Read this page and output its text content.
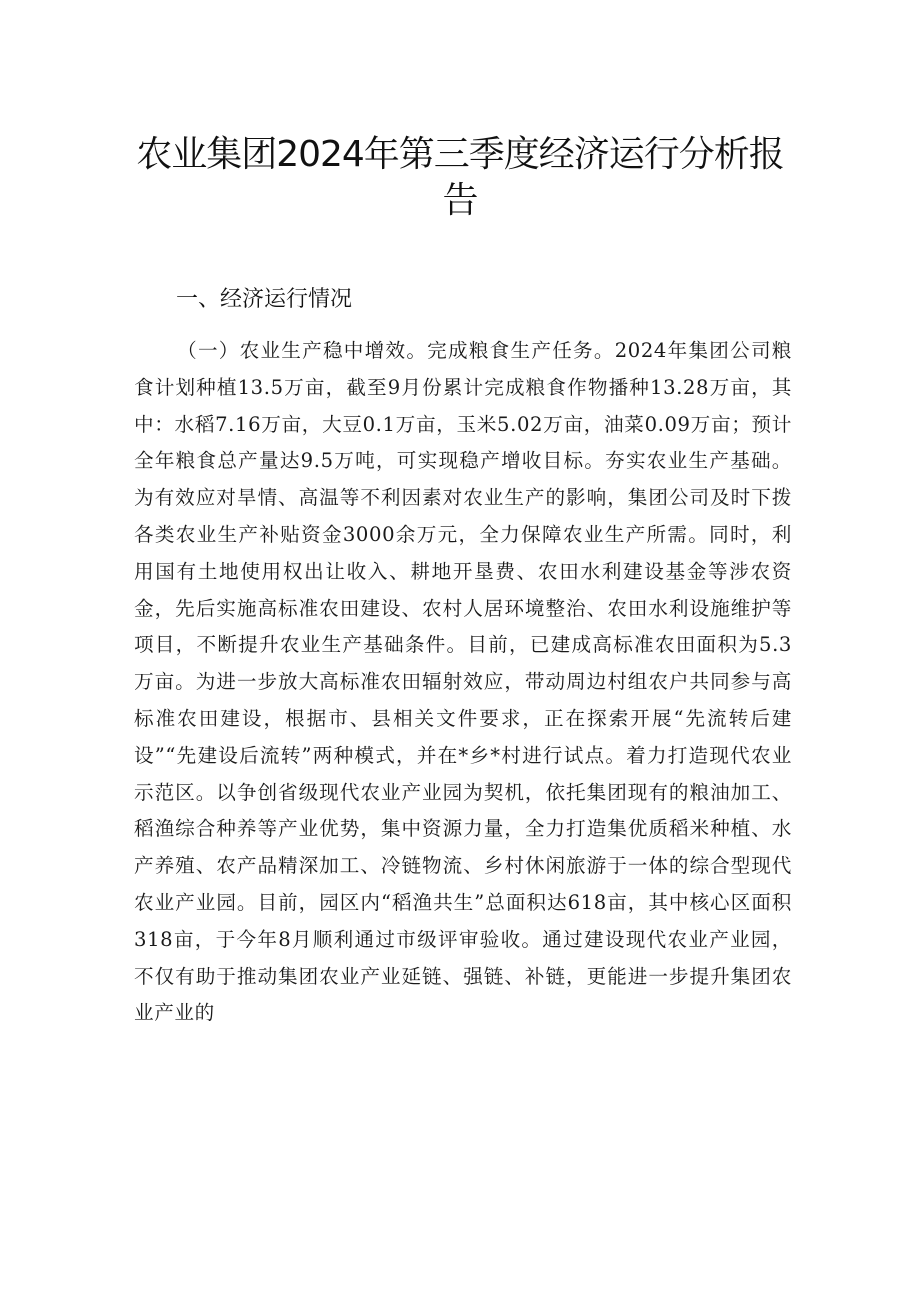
农业集团2024年第三季度经济运行分析报告
一、经济运行情况

（一）农业生产稳中增效。完成粮食生产任务。2024年集团公司粮食计划种植13.5万亩，截至9月份累计完成粮食作物播种13.28万亩，其中：水稻7.16万亩，大豆0.1万亩，玉米5.02万亩，油菜0.09万亩；预计全年粮食总产量达9.5万吨，可实现稳产增收目标。夯实农业生产基础。为有效应对旱情、高温等不利因素对农业生产的影响，集团公司及时下拨各类农业生产补贴资金3000余万元，全力保障农业生产所需。同时，利用国有土地使用权出让收入、耕地开垦费、农田水利建设基金等涉农资金，先后实施高标准农田建设、农村人居环境整治、农田水利设施维护等项目，不断提升农业生产基础条件。目前，已建成高标准农田面积为5.3万亩。为进一步放大高标准农田辐射效应，带动周边村组农户共同参与高标准农田建设，根据市、县相关文件要求，正在探索开展“先流转后建设”“先建设后流转”两种模式，并在*乡*村进行试点。着力打造现代农业示范区。以争创省级现代农业产业园为契机，依托集团现有的粮油加工、稻渔综合种养等产业优势，集中资源力量，全力打造集优质稻米种植、水产养殖、农产品精深加工、冷链物流、乡村休闲旅游于一体的综合型现代农业产业园。目前，园区内“稻渔共生”总面积达618亩，其中核心区面积318亩，于今年8月顺利通过市级评审验收。通过建设现代农业产业园，不仅有助于推动集团农业产业延链、强链、补链，更能进一步提升集团农业产业的
